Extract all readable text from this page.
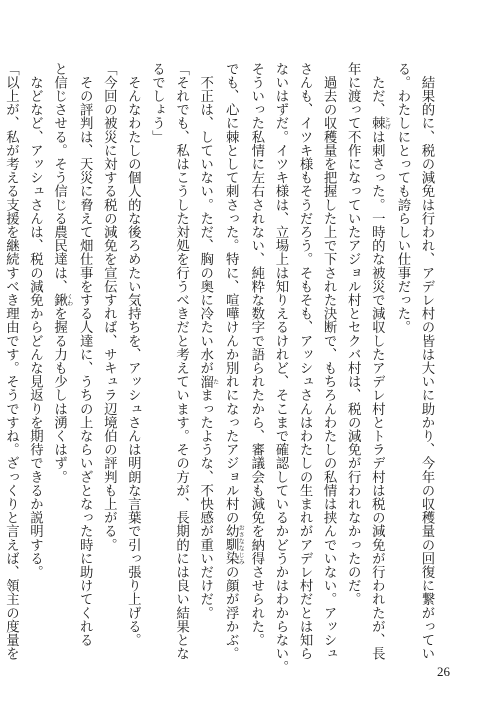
　結果的に、税の減免は行われ、アデレ村の皆は大いに助かり、今年の収穫量の回復に繋がってい

る。わたしにとっても誇らしい仕事だった。

　ただ、棘 とげは刺さった。一時的な被災で減収したアデレ村とトラデ村は税の減免が行われたが、長

年に渡って不作になっていたアジョル村とセクバ村は、税の減免が行われなかったのだ。

　過去の収穫量を把握した上で下された決断で、もちろんわたしの私情は挟んでいない。アッシュ

さんも、イツキ様もそうだろう。そもそも、アッシュさんはわたしの生まれがアデレ村だとは知ら

ないはずだ。イツキ様は、立場上は知りえるけれど、そこまで確認しているかどうかはわからない。

そういった私情に左右されない、純粋な数字で語られたから、審議会も減免を納得させられた。

でも、心に棘として刺さった。特に、喧嘩けんか別れになったアジョル村の幼馴染 おさななじみの顔が浮かぶ。

　不正は、していない。ただ、胸の奥に冷たい水が溜 たまったような、不快感が重いだけだ。

「それでも、私はこうした対処を行うべきだと考えています。その方が、長期的には良い結果とな

るでしょう」

　そんなわたしの個人的な後ろめたい気持ちを、アッシュさんは明朗な言葉で引っ張り上げる。

「今回の被災に対する税の減免を宣伝すれば、サキュラ辺境伯の評判も上がる。

　その評判は、天災に脅えて畑仕事をする人達に、うちの上ならいざとなった時に助けてくれる

と信じさせる。そう信じる農民達は、鍬 くわを握る力も少しは湧くはず。

　などなど、アッシュさんは、税の減免からどんな見返りを期待できるか説明する。

「以上が、私が考える支援を継続すべき理由です。そうですね。ざっくりと言えば、領主の度量を

26
